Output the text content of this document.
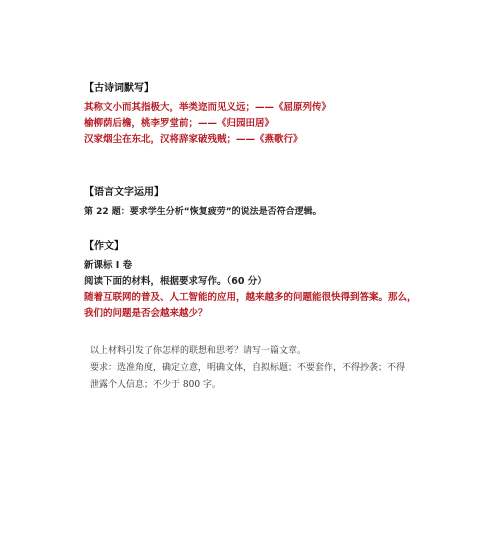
【古诗词默写】
其称文小而其指极大，举类迩而见义远；——《屈原列传》
榆柳荫后檐，桃李罗堂前；——《归园田居》
汉家烟尘在东北，汉将辞家破残贼；——《燕歌行》
【语言文字运用】
第 22 题：要求学生分析“恢复疲劳”的说法是否符合逻辑。
【作文】
新课标 I 卷
阅读下面的材料，根据要求写作。（60 分）
随着互联网的普及、人工智能的应用，越来越多的问题能很快得到答案。那么，
我们的问题是否会越来越少？
以上材料引发了你怎样的联想和思考？请写一篇文章。
要求：选准角度，确定立意，明确文体，自拟标题；不要套作，不得抄袭；不得
泄露个人信息；不少于 800 字。
